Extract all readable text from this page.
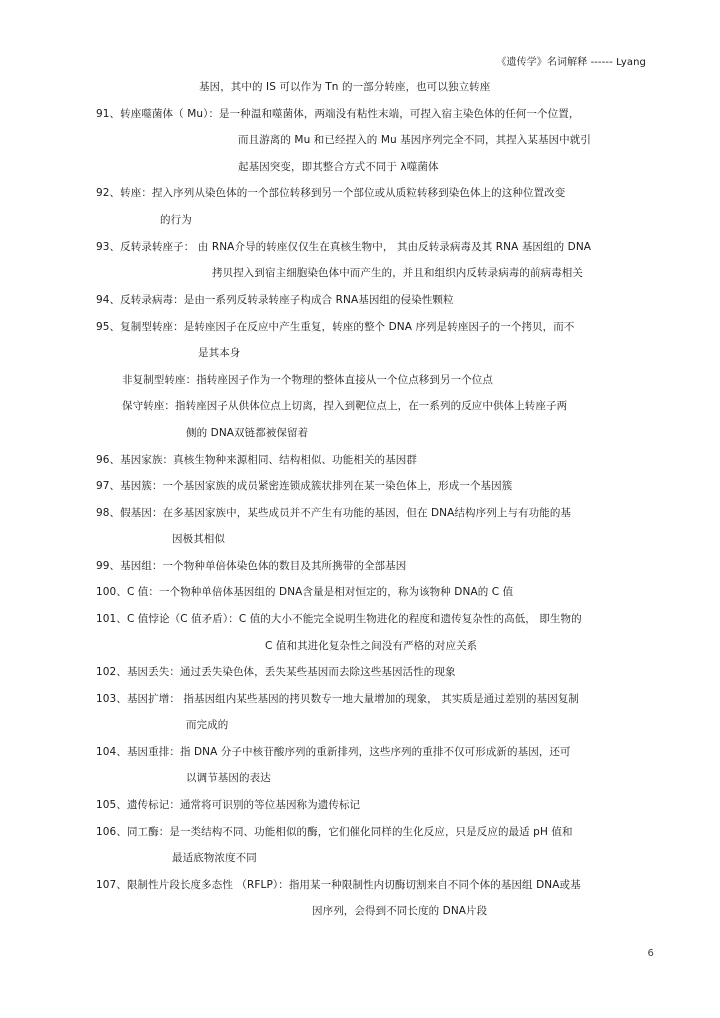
《遗传学》名词解释 ------ Lyang

基因，其中的 IS 可以作为 Tn 的一部分转座，也可以独立转座

91、转座噬菌体（ Mu）：是一种温和噬菌体，两端没有粘性末端，可捏入宿主染色体的任何一个位置，

而且游离的 Mu 和已经捏入的 Mu 基因序列完全不同，其捏入某基因中就引

起基因突变，即其整合方式不同于 λ噬菌体

92、转座：捏入序列从染色体的一个部位转移到另一个部位或从质粒转移到染色体上的这种位置改变

的行为

93、反转录转座子： 由 RNA介导的转座仅仅生在真核生物中， 其由反转录病毒及其 RNA 基因组的 DNA

拷贝捏入到宿主细胞染色体中而产生的，并且和组织内反转录病毒的前病毒相关

94、反转录病毒：是由一系列反转录转座子构成合 RNA基因组的侵染性颗粒

95、复制型转座：是转座因子在反应中产生重复，转座的整个 DNA 序列是转座因子的一个拷贝，而不

是其本身

非复制型转座：指转座因子作为一个物理的整体直接从一个位点移到另一个位点

保守转座：指转座因子从供体位点上切离，捏入到靶位点上，在一系列的反应中供体上转座子两

侧的 DNA双链都被保留着

96、基因家族：真核生物种来源相同、结构相似、功能相关的基因群

97、基因簇：一个基因家族的成员紧密连锁成簇状排列在某一染色体上，形成一个基因簇

98、假基因：在多基因家族中，某些成员并不产生有功能的基因，但在 DNA结构序列上与有功能的基

因极其相似

99、基因组：一个物种单倍体染色体的数目及其所携带的全部基因

100、C 值：一个物种单倍体基因组的 DNA含量是相对恒定的，称为该物种 DNA的 C 值

101、C 值悖论（C 值矛盾）：C 值的大小不能完全说明生物进化的程度和遗传复杂性的高低， 即生物的

C 值和其进化复杂性之间没有严格的对应关系

102、基因丢失：通过丢失染色体，丢失某些基因而去除这些基因活性的现象

103、基因扩增： 指基因组内某些基因的拷贝数专一地大量增加的现象， 其实质是通过差别的基因复制

而完成的

104、基因重排：指 DNA 分子中核苷酸序列的重新排列，这些序列的重排不仅可形成新的基因，还可

以调节基因的表达

105、遗传标记：通常将可识别的等位基因称为遗传标记

106、同工酶：是一类结构不同、功能相似的酶，它们催化同样的生化反应，只是反应的最适 pH 值和

最适底物浓度不同

107、限制性片段长度多态性 （RFLP）：指用某一种限制性内切酶切割来自不同个体的基因组 DNA或基

因序列，会得到不同长度的 DNA片段

6
